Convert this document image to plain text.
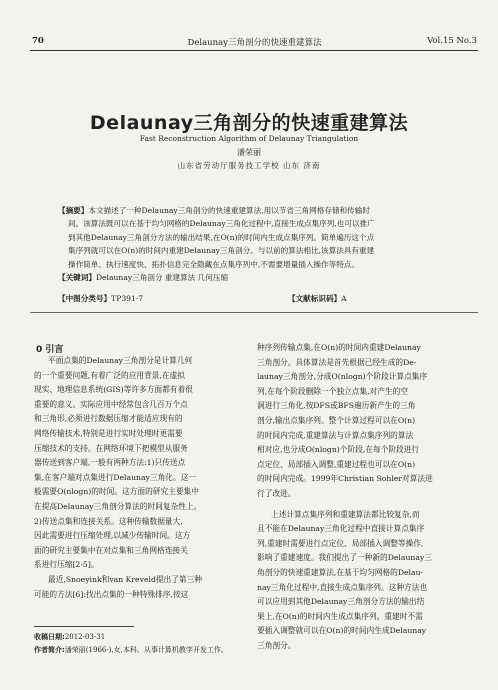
70	Delaunay三角剖分的快速重建算法	Vol.15 No.3
Delaunay三角剖分的快速重建算法
Fast Reconstruction Algorithm of Delaunay Triangulation
潘荣丽
山东省劳动厅服务技工学校 山东 济南
【摘要】本文描述了一种Delaunay三角剖分的快速重建算法,用以节省三角网格存储和传输时
间。该算法既可以在基于均匀网格的Delaunay三角化过程中,直接生成点集序列,也可以推广
到其他Delaunay三角剖分方法的输出结果,在O(n)的时间内生成点集序列。简单遍历这个点
集序列就可以在O(n)的时间内重建Delaunay三角剖分。与以前的算法相比,该算法具有重建
操作简单、执行速度快、拓扑信息完全隐藏在点集序列中,不需要增量插入操作等特点。
【关键词】Delaunay三角剖分 重建算法 几何压缩
【中图分类号】TP391·7	【文献标识码】A
0 引言
平面点集的Delaunay三角剖分是计算几何
的一个重要问题,有着广泛的应用背景,在虚拟
现实、地理信息系统(GIS)等许多方面都有着很
重要的意义。实际应用中经常包含几百万个点
和三角形,必须进行数据压缩才能适应现有的
网络传输技术,特别是进行实时处理时更需要
压缩技术的支持。在网络环境下把模型从服务
器传送到客户端,一般有两种方法:1)只传送点
集,在客户端对点集进行Delaunay三角化。这一
般需要O(nlogn)的时间。这方面的研究主要集中
在提高Delaunay三角剖分算法的时间复杂性上。
2)传送点集和连接关系。这种传输数据量大,
因此需要进行压缩处理,以减少传输时间。这方
面的研究主要集中在对点集和三角网格连接关
系进行压缩[2-5]。
最近,Snoeyink和van Kreveld提出了第三种
可能的方法[6]:找出点集的一种特殊排序,按这
种序列传输点集,在O(n)的时间内重建Delaunay
三角剖分。具体算法是首先根据已经生成的De-
launay三角剖分,分成O(nlogn)个阶段计算点集序
列,在每个阶段删除一个独立点集,对产生的空
洞进行三角化,按DFS或BFS遍历新产生的三角
剖分,输出点集序列。整个计算过程可以在O(n)
的时间内完成,重建算法与计算点集序列的算法
相对应,也分成O(nlogn)个阶段,在每个阶段进行
点定位、局部插入调整,重建过程也可以在O(n)
的时间内完成。1999年Christian Sohler对算法进
行了改进。
上述计算点集序列和重建算法都比较复杂,而
且不能在Delaunay三角化过程中直接计算点集序
列,重建时需要进行点定位、局部插入调整等操作,
影响了重建速度。我们提出了一种新的Delaunay三
角剖分的快速重建算法,在基于均匀网格的Delau-
nay三角化过程中,直接生成点集序列。这种方法也
可以应用到其他Delaunay三角剖分方法的输出结
果上,在O(n)的时间内生成点集序列。重建时不需
要插入调整就可以在O(n)的时间内生成Delaunay
三角剖分。
收稿日期:2012-03-31
作者简介:潘荣丽(1966-),女,本科。从事计算机教学开发工作。
